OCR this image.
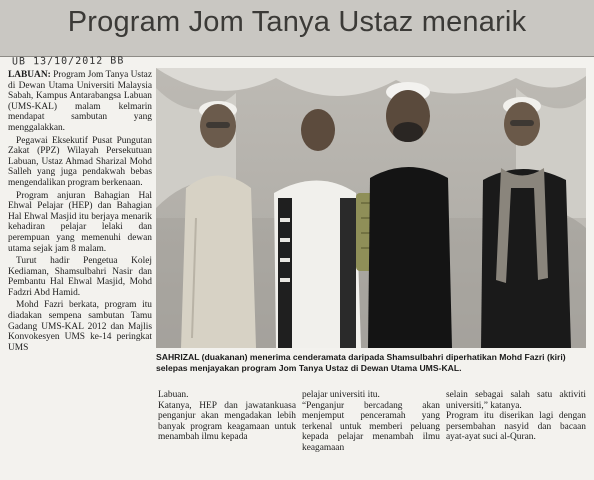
Program Jom Tanya Ustaz menarik
UB 13/10/2012 BB

LABUAN: Program Jom Tanya Ustaz di Dewan Utama Universiti Malaysia Sabah, Kampus Antarabangsa Labuan (UMS-KAL) malam kelmarin mendapat sambutan yang menggalakkan.

Pegawai Eksekutif Pusat Pungutan Zakat (PPZ) Wilayah Persekutuan Labuan, Ustaz Ahmad Sharizal Mohd Salleh yang juga pendakwah bebas mengendalikan program berkenaan.

Program anjuran Bahagian Hal Ehwal Pelajar (HEP) dan Bahagian Hal Ehwal Masjid itu berjaya menarik kehadiran pelajar lelaki dan perempuan yang memenuhi dewan utama sejak jam 8 malam.

Turut hadir Pengetua Kolej Kediaman, Shamsulbahri Nasir dan Pembantu Hal Ehwal Masjid, Mohd Fadzri Abd Hamid.

Mohd Fazri berkata, program itu diadakan sempena sambutan Tamu Gadang UMS-KAL 2012 dan Majlis Konvokesyen UMS ke-14 peringkat UMS

SAHRIZAL (duakanan) menerima cenderamata daripada Shamsulbahri diperhatikan Mohd Fazri (kiri) selepas menjayakan program Jom Tanya Ustaz di Dewan Utama UMS-KAL.

Labuan.
Katanya, HEP dan jawatankuasa penganjur akan mengadakan lebih banyak program keagamaan untuk menambah ilmu kepada

pelajar universiti itu.
“Penganjur bercadang akan menjemput penceramah yang terkenal untuk memberi peluang kepada pelajar menambah ilmu keagamaan

selain sebagai salah satu aktiviti universiti,” katanya.
Program itu diserikan lagi dengan persembahan nasyid dan bacaan ayat-ayat suci al-Quran.
